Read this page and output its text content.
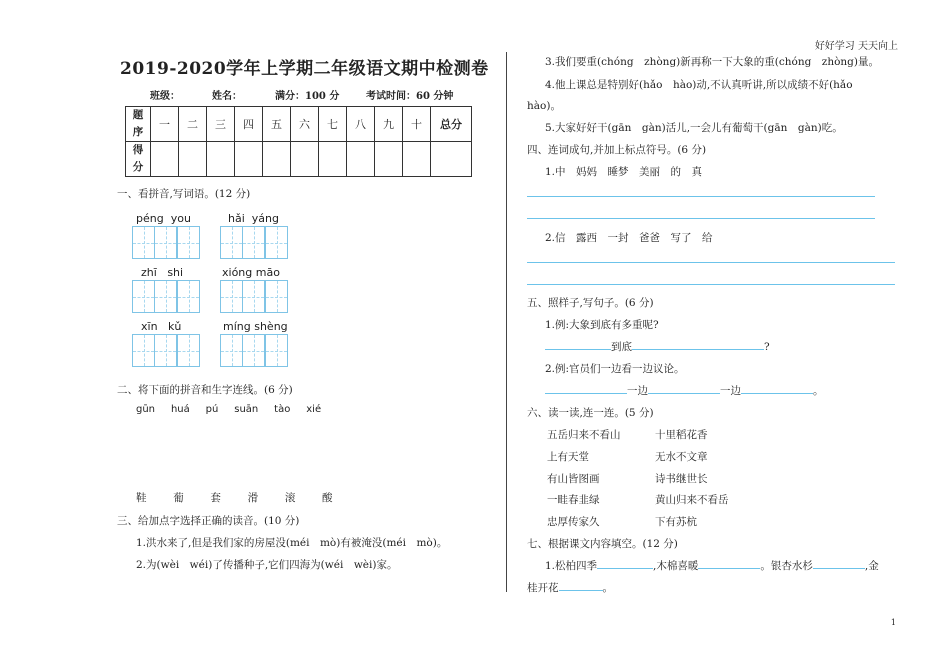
好好学习 天天向上
2019-2020学年上学期二年级语文期中检测卷
班级：	姓名：	满分：100 分	考试时间：60 分钟
题
序	一	二	三	四	五	六	七	八	九	十	总分
得
分											
一、看拼音,写词语。(12 分)
péng you	hǎi yáng
zhī shi	xióng māo
xīn kǔ	míng shèng
二、将下面的拼音和生字连线。(6 分)
gūn huá pú suān tào xié
鞋	葡	套	滑	滚	酸
三、给加点字选择正确的读音。(10 分)
1.洪水来了,但是我们家的房屋没(méi　mò)有被淹没(méi　mò)。
2.为(wèi　wéi)了传播种子,它们四海为(wéi　wèi)家。
3.我们要重(chóng　zhòng)新再称一下大象的重(chóng　zhòng)量。
4.他上课总是特别好(hǎo　hào)动,不认真听讲,所以成绩不好(hǎo
hào)。
5.大家好好干(gān　gàn)活儿,一会儿有葡萄干(gān　gàn)吃。
四、连词成句,并加上标点符号。(6 分)
1.中　妈妈　睡梦　美丽　的　真
2.信　露西　一封　爸爸　写了　给
五、照样子,写句子。(6 分)
1.例:大象到底有多重呢?
到底	?
2.例:官员们一边看一边议论。
一边	一边	。
六、读一读,连一连。(5 分)
五岳归来不看山	十里稻花香
上有天堂	无水不文章
有山皆图画	诗书继世长
一畦春韭绿	黄山归来不看岳
忠厚传家久	下有苏杭
七、根据课文内容填空。(12 分)
1.松柏四季	,木棉喜暖	。银杏水杉	,金
桂开花	。
1
